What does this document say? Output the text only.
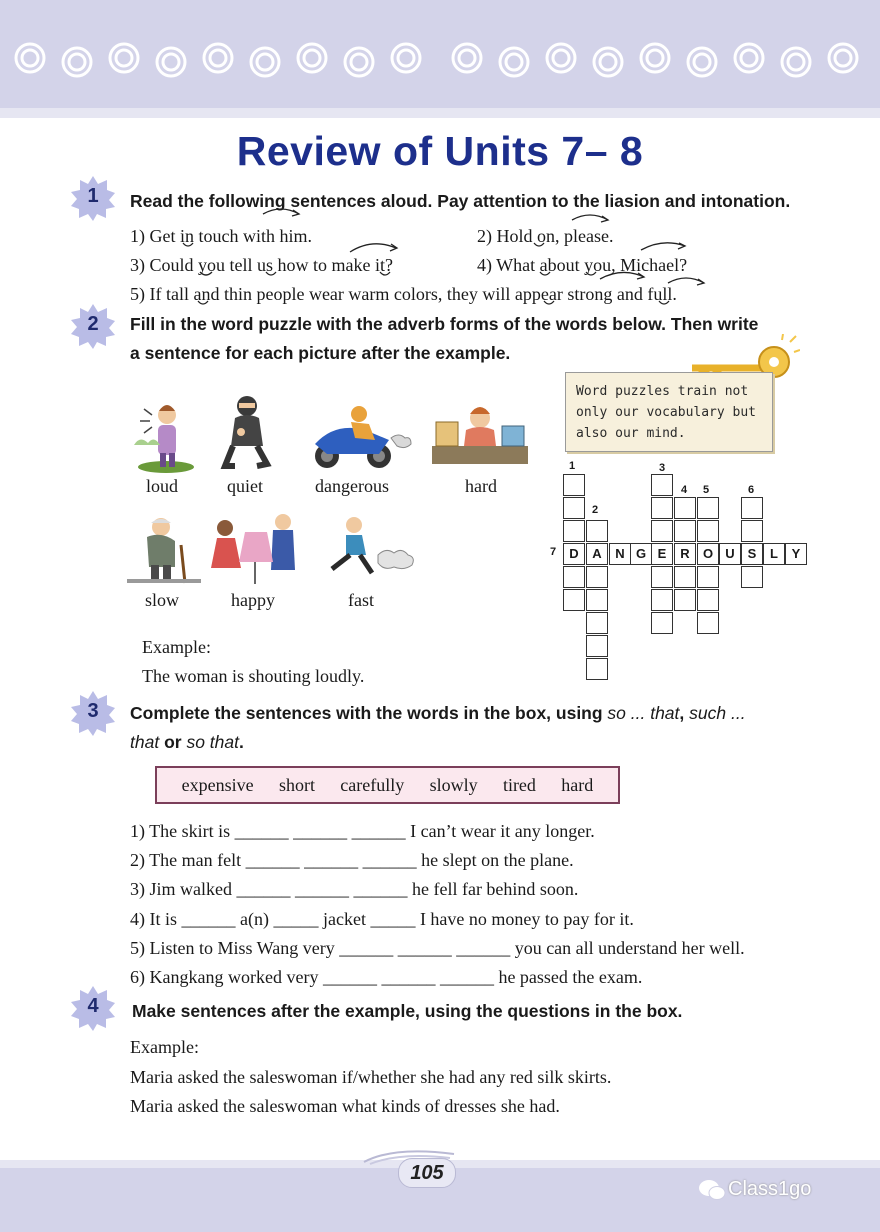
Review of Units 7– 8
1	Read the following sentences aloud. Pay attention to the liasion and intonation.
1) Get in touch with him.	2) Hold on, please.
3) Could you tell us how to make it?	4) What about you, Michael?
5) If tall and thin people wear warm colors, they will appear strong and full.
2	Fill in the word puzzle with the adverb forms of the words below. Then write
a sentence for each picture after the example.
loud	quiet	dangerous	hard
slow	happy	fast
Example:
The woman is shouting loudly.
Word puzzles train not only our vocabulary but also our mind.
D	A	N G E	R	O U S	L	Y
1
2
3
4 5	6
7
3	Complete the sentences with the words in the box, using so ... that, such ...
that or so that.
expensive short carefully slowly tired hard
1) The skirt is ______ ______ ______ I can’t wear it any longer.
2) The man felt ______ ______ ______ he slept on the plane.
3) Jim walked ______ ______ ______ he fell far behind soon.
4) It is ______ a(n) _____ jacket _____ I have no money to pay for it.
5) Listen to Miss Wang very ______ ______ ______ you can all understand her well.
6) Kangkang worked very ______ ______ ______ he passed the exam.
4	Make sentences after the example, using the questions in the box.
Example:
Maria asked the saleswoman if/whether she had any red silk skirts.
Maria asked the saleswoman what kinds of dresses she had.
105
Class1go
